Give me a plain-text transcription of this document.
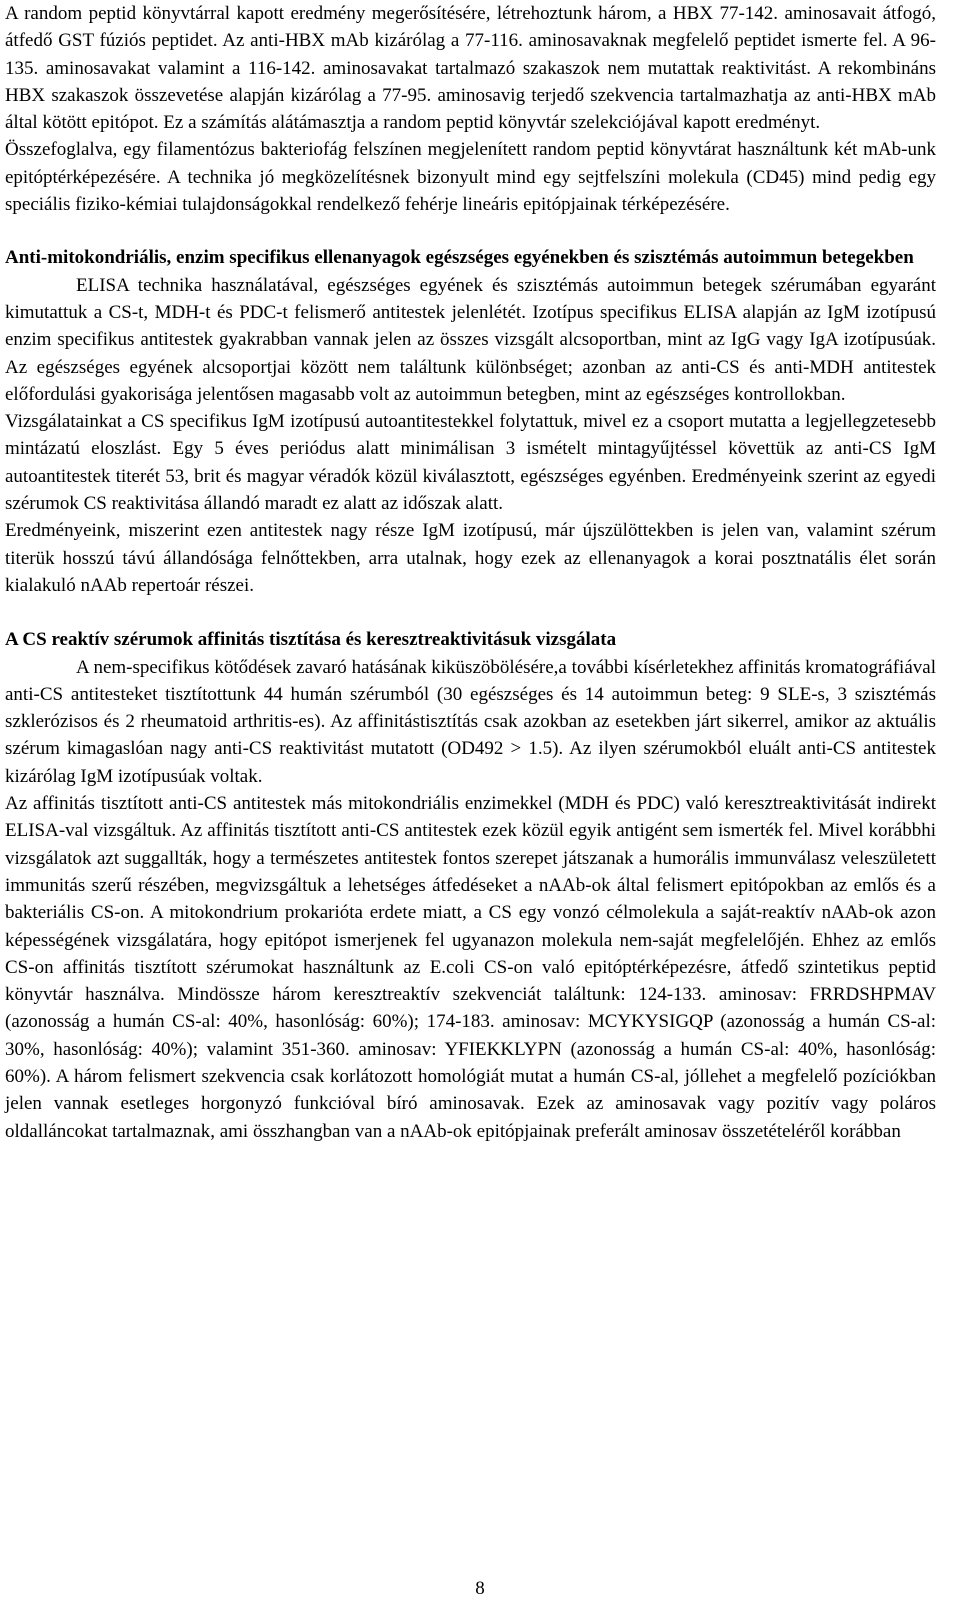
A random peptid könyvtárral kapott eredmény megerősítésére, létrehoztunk három, a HBX 77-142. aminosavait átfogó, átfedő GST fúziós peptidet. Az anti-HBX mAb kizárólag a 77-116. aminosavaknak megfelelő peptidet ismerte fel. A 96-135. aminosavakat valamint a 116-142. aminosavakat tartalmazó szakaszok nem mutattak reaktivitást. A rekombináns HBX szakaszok összevetése alapján kizárólag a 77-95. aminosavig terjedő szekvencia tartalmazhatja az anti-HBX mAb által kötött epitópot. Ez a számítás alátámasztja a random peptid könyvtár szelekciójával kapott eredményt.

Összefoglalva, egy filamentózus bakteriofág felszínen megjelenített random peptid könyvtárat használtunk két mAb-unk epitóptérképezésére. A technika jó megközelítésnek bizonyult mind egy sejtfelszíni molekula (CD45) mind pedig egy speciális fiziko-kémiai tulajdonságokkal rendelkező fehérje lineáris epitópjainak térképezésére.

Anti-mitokondriális, enzim specifikus ellenanyagok egészséges egyénekben és szisztémás autoimmun betegekben

ELISA technika használatával, egészséges egyének és szisztémás autoimmun betegek szérumában egyaránt kimutattuk a CS-t, MDH-t és PDC-t felismerő antitestek jelenlétét. Izotípus specifikus ELISA alapján az IgM izotípusú enzim specifikus antitestek gyakrabban vannak jelen az összes vizsgált alcsoportban, mint az IgG vagy IgA izotípusúak. Az egészséges egyének alcsoportjai között nem találtunk különbséget; azonban az anti-CS és anti-MDH antitestek előfordulási gyakorisága jelentősen magasabb volt az autoimmun betegben, mint az egészséges kontrollokban.

Vizsgálatainkat a CS specifikus IgM izotípusú autoantitestekkel folytattuk, mivel ez a csoport mutatta a legjellegzetesebb mintázatú eloszlást. Egy 5 éves periódus alatt minimálisan 3 ismételt mintagyűjtéssel követtük az anti-CS IgM autoantitestek titerét 53, brit és magyar véradók közül kiválasztott, egészséges egyénben. Eredményeink szerint az egyedi szérumok CS reaktivitása állandó maradt ez alatt az időszak alatt.

Eredményeink, miszerint ezen antitestek nagy része IgM izotípusú, már újszülöttekben is jelen van, valamint szérum titerük hosszú távú állandósága felnőttekben, arra utalnak, hogy ezek az ellenanyagok a korai posztnatális élet során kialakuló nAAb repertoár részei.

A CS reaktív szérumok affinitás tisztítása és keresztreaktivitásuk vizsgálata

A nem-specifikus kötődések zavaró hatásának kiküszöbölésére,a további kísérletekhez affinitás kromatográfiával anti-CS antitesteket tisztítottunk 44 humán szérumból (30 egészséges és 14 autoimmun beteg: 9 SLE-s, 3 szisztémás szklerózisos és 2 rheumatoid arthritis-es). Az affinitástisztítás csak azokban az esetekben járt sikerrel, amikor az aktuális szérum kimagaslóan nagy anti-CS reaktivitást mutatott (OD492 > 1.5). Az ilyen szérumokból eluált anti-CS antitestek kizárólag IgM izotípusúak voltak.

Az affinitás tisztított anti-CS antitestek más mitokondriális enzimekkel (MDH és PDC) való keresztreaktivitását indirekt ELISA-val vizsgáltuk. Az affinitás tisztított anti-CS antitestek ezek közül egyik antigént sem ismerték fel. Mivel korábbhi vizsgálatok azt suggallták, hogy a természetes antitestek fontos szerepet játszanak a humorális immunválasz veleszületett immunitás szerű részében, megvizsgáltuk a lehetséges átfedéseket a nAAb-ok által felismert epitópokban az emlős és a bakteriális CS-on. A mitokondrium prokarióta erdete miatt, a CS egy vonzó célmolekula a saját-reaktív nAAb-ok azon képességének vizsgálatára, hogy epitópot ismerjenek fel ugyanazon molekula nem-saját megfelelőjén. Ehhez az emlős CS-on affinitás tisztított szérumokat használtunk az E.coli CS-on való epitóptérképezésre, átfedő szintetikus peptid könyvtár használva. Mindössze három keresztreaktív szekvenciát találtunk: 124-133. aminosav: FRRDSHPMAV (azonosság a humán CS-al: 40%, hasonlóság: 60%); 174-183. aminosav: MCYKYSIGQP (azonosság a humán CS-al: 30%, hasonlóság: 40%); valamint 351-360. aminosav: YFIEKKLYPN (azonosság a humán CS-al: 40%, hasonlóság: 60%). A három felismert szekvencia csak korlátozott homológiát mutat a humán CS-al, jóllehet a megfelelő pozíciókban jelen vannak esetleges horgonyzó funkcióval bíró aminosavak. Ezek az aminosavak vagy pozitív vagy poláros oldalláncokat tartalmaznak, ami összhangban van a nAAb-ok epitópjainak preferált aminosav összetételéről korábban

8
